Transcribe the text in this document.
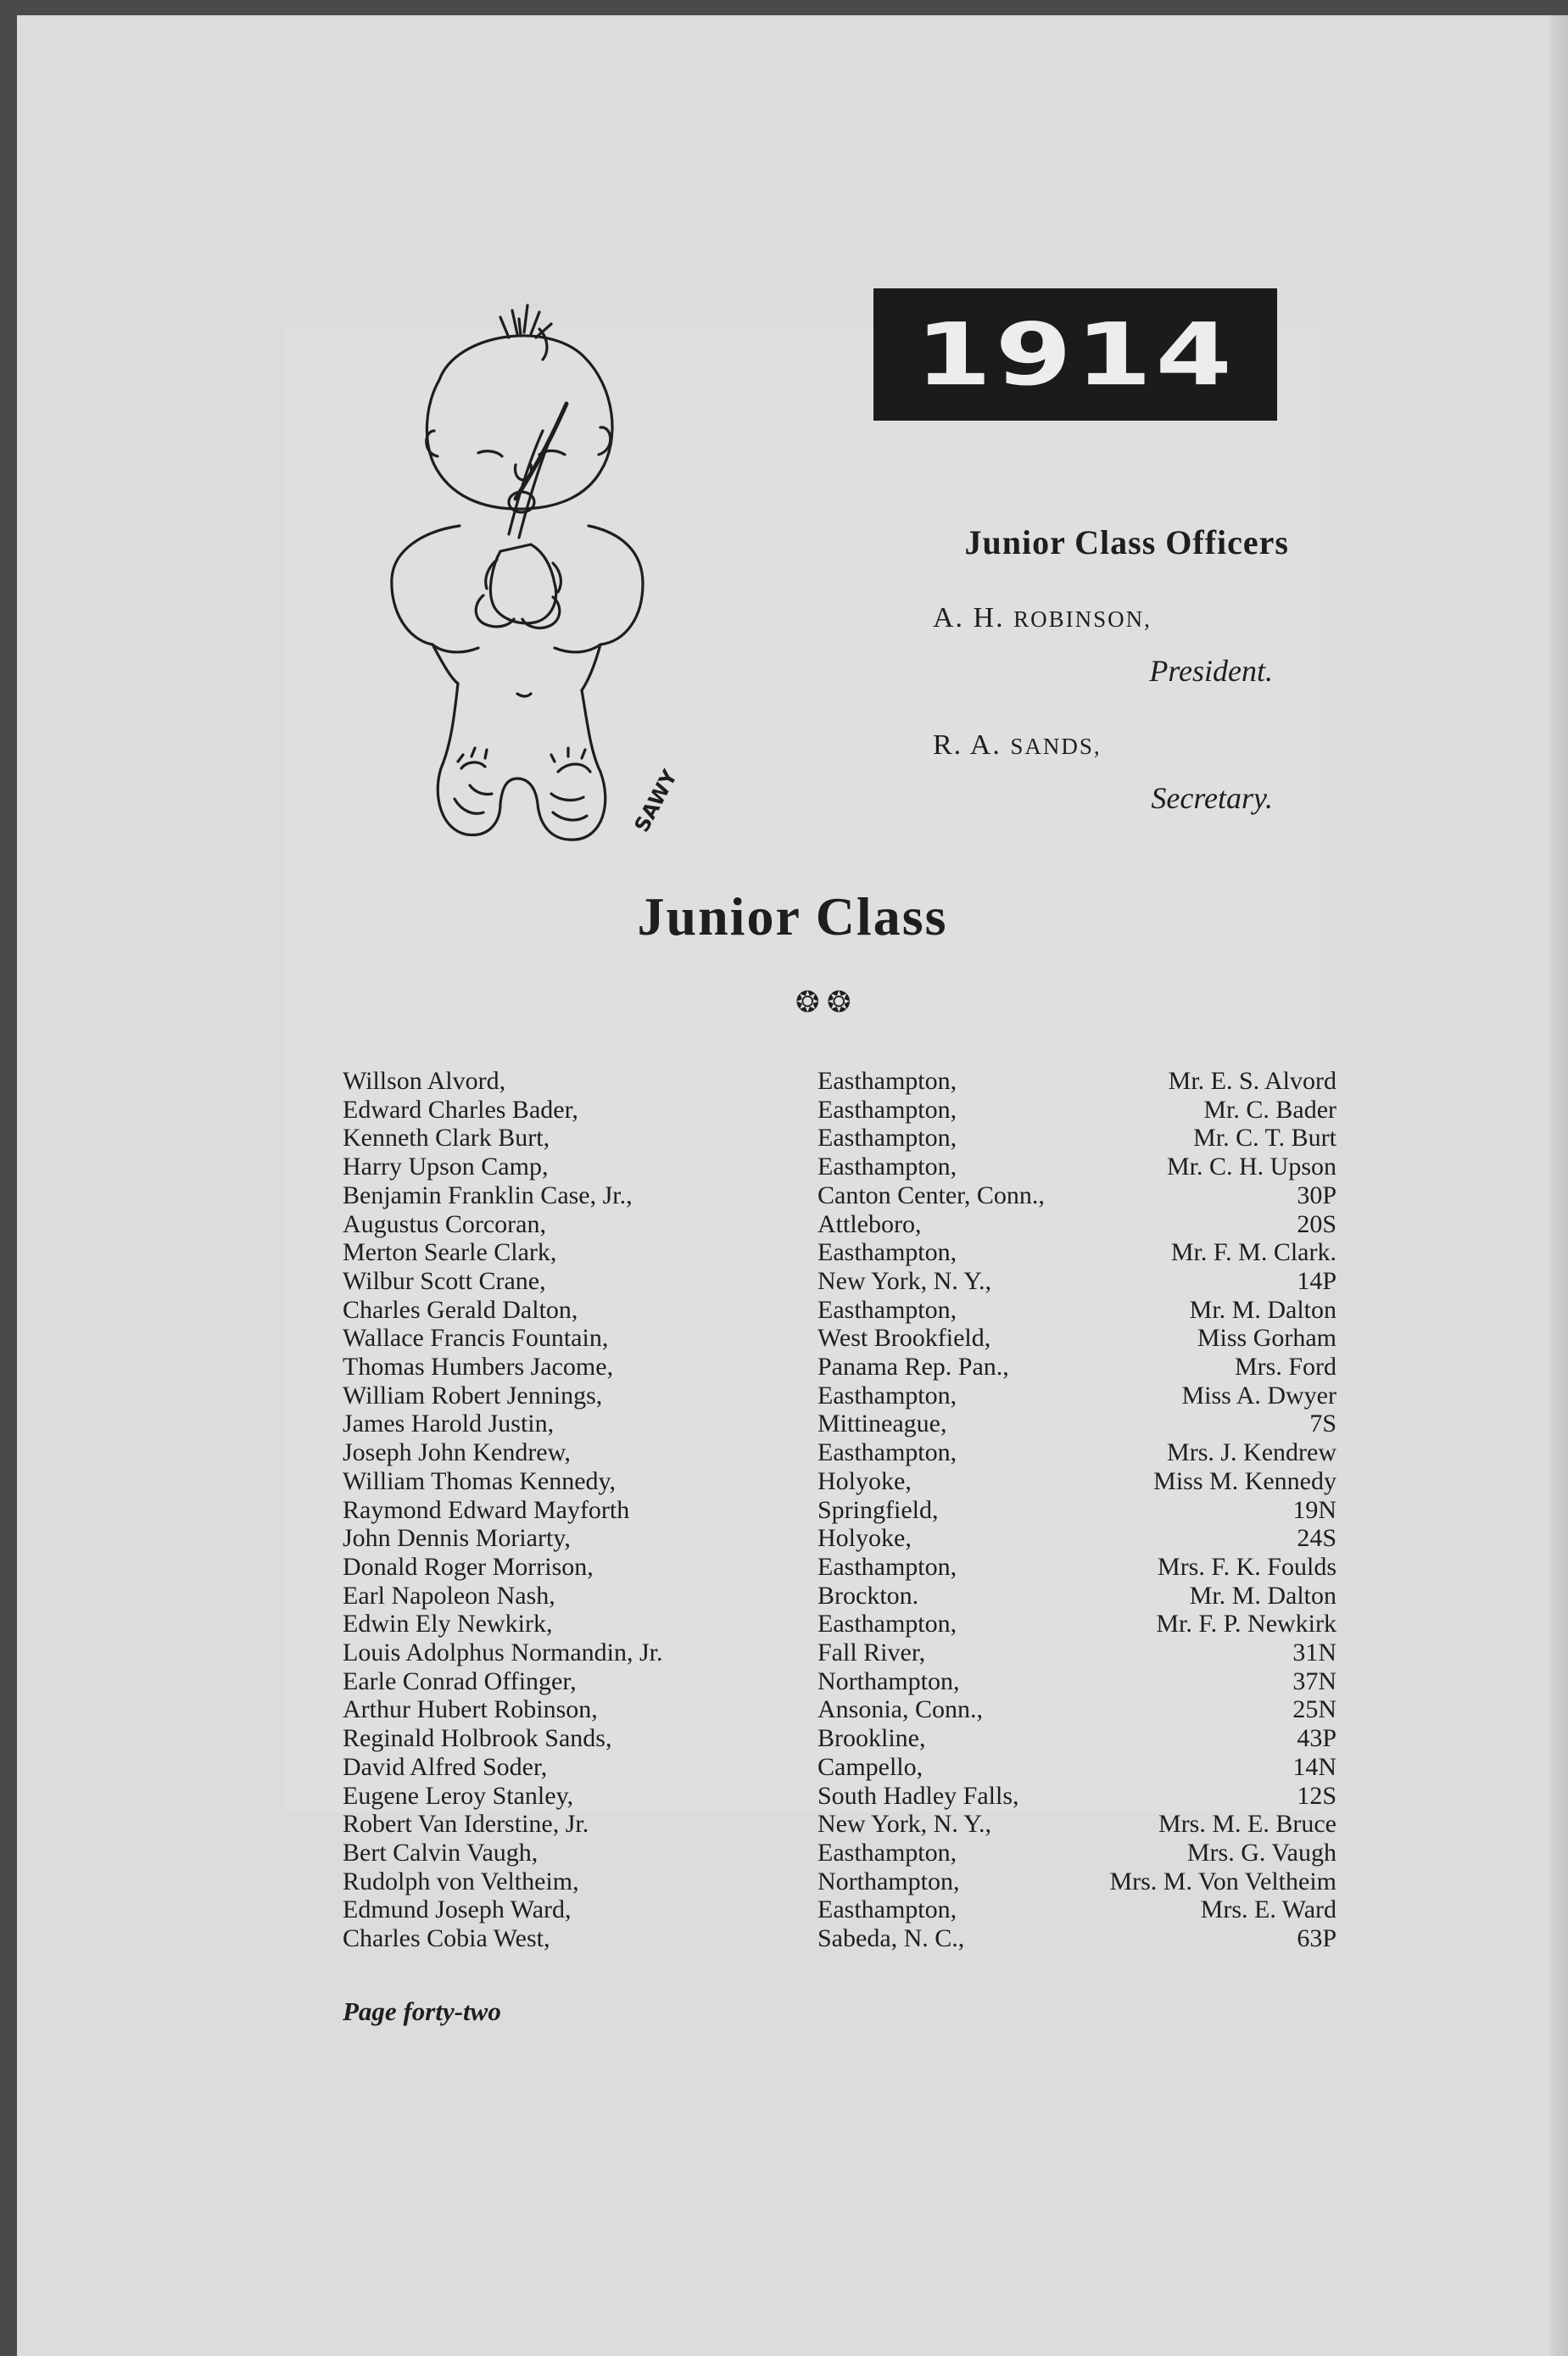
1914
SAWY
Junior Class Officers
A. H. ROBINSON,
President.
R. A. SANDS,
Secretary.
Junior Class
❂ ❂
Willson Alvord,	Easthampton,	Mr. E. S. Alvord
Edward Charles Bader,	Easthampton,	Mr. C. Bader
Kenneth Clark Burt,	Easthampton,	Mr. C. T. Burt
Harry Upson Camp,	Easthampton,	Mr. C. H. Upson
Benjamin Franklin Case, Jr.,	Canton Center, Conn.,	30P
Augustus Corcoran,	Attleboro,	20S
Merton Searle Clark,	Easthampton,	Mr. F. M. Clark.
Wilbur Scott Crane,	New York, N. Y.,	14P
Charles Gerald Dalton,	Easthampton,	Mr. M. Dalton
Wallace Francis Fountain,	West Brookfield,	Miss Gorham
Thomas Humbers Jacome,	Panama Rep. Pan.,	Mrs. Ford
William Robert Jennings,	Easthampton,	Miss A. Dwyer
James Harold Justin,	Mittineague,	7S
Joseph John Kendrew,	Easthampton,	Mrs. J. Kendrew
William Thomas Kennedy,	Holyoke,	Miss M. Kennedy
Raymond Edward Mayforth	Springfield,	19N
John Dennis Moriarty,	Holyoke,	24S
Donald Roger Morrison,	Easthampton,	Mrs. F. K. Foulds
Earl Napoleon Nash,	Brockton.	Mr. M. Dalton
Edwin Ely Newkirk,	Easthampton,	Mr. F. P. Newkirk
Louis Adolphus Normandin, Jr.	Fall River,	31N
Earle Conrad Offinger,	Northampton,	37N
Arthur Hubert Robinson,	Ansonia, Conn.,	25N
Reginald Holbrook Sands,	Brookline,	43P
David Alfred Soder,	Campello,	14N
Eugene Leroy Stanley,	South Hadley Falls,	12S
Robert Van Iderstine, Jr.	New York, N. Y.,	Mrs. M. E. Bruce
Bert Calvin Vaugh,	Easthampton,	Mrs. G. Vaugh
Rudolph von Veltheim,	Northampton,	Mrs. M. Von Veltheim
Edmund Joseph Ward,	Easthampton,	Mrs. E. Ward
Charles Cobia West,	Sabeda, N. C.,	63P
Page forty-two
